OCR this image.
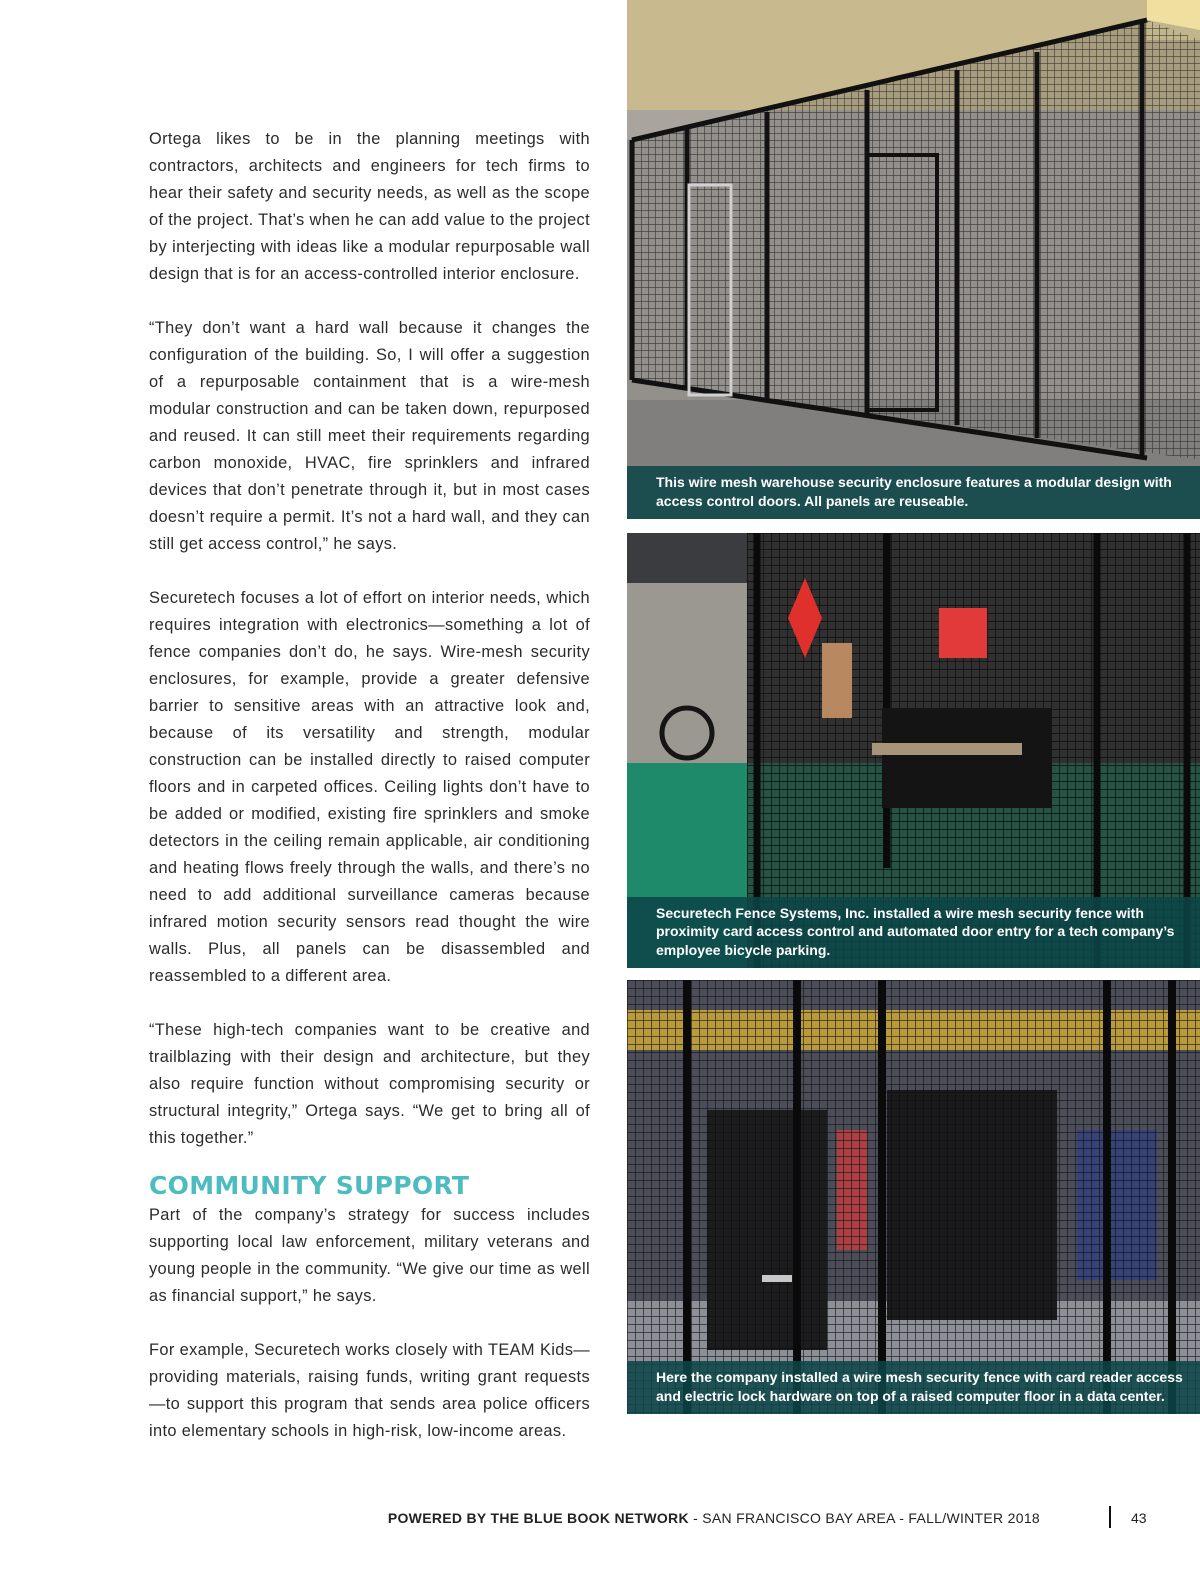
Ortega likes to be in the planning meetings with contractors, architects and engineers for tech firms to hear their safety and security needs, as well as the scope of the project. That’s when he can add value to the project by interjecting with ideas like a modular repurposable wall design that is for an access-controlled interior enclosure.

“They don’t want a hard wall because it changes the configuration of the building. So, I will offer a suggestion of a repurposable containment that is a wire-mesh modular construction and can be taken down, repurposed and reused. It can still meet their requirements regarding carbon monoxide, HVAC, fire sprinklers and infrared devices that don’t penetrate through it, but in most cases doesn’t require a permit. It’s not a hard wall, and they can still get access control,” he says.

Securetech focuses a lot of effort on interior needs, which requires integration with electronics—something a lot of fence companies don’t do, he says. Wire-mesh security enclosures, for example, provide a greater defensive barrier to sensitive areas with an attractive look and, because of its versatility and strength, modular construction can be installed directly to raised computer floors and in carpeted offices. Ceiling lights don’t have to be added or modified, existing fire sprinklers and smoke detectors in the ceiling remain applicable, air conditioning and heating flows freely through the walls, and there’s no need to add additional surveillance cameras because infrared motion security sensors read thought the wire walls. Plus, all panels can be disassembled and reassembled to a different area.

“These high-tech companies want to be creative and trailblazing with their design and architecture, but they also require function without compromising security or structural integrity,” Ortega says. “We get to bring all of this together.”

COMMUNITY SUPPORT

Part of the company’s strategy for success includes supporting local law enforcement, military veterans and young people in the community. “We give our time as well as financial support,” he says.

For example, Securetech works closely with TEAM Kids—providing materials, raising funds, writing grant requests—to support this program that sends area police officers into elementary schools in high-risk, low-income areas.

This wire mesh warehouse security enclosure features a modular design with access control doors. All panels are reuseable.
Securetech Fence Systems, Inc. installed a wire mesh security fence with proximity card access control and automated door entry for a tech company’s employee bicycle parking.
Here the company installed a wire mesh security fence with card reader access and electric lock hardware on top of a raised computer floor in a data center.
POWERED BY THE BLUE BOOK NETWORK - SAN FRANCISCO BAY AREA - FALL/WINTER 2018	43
